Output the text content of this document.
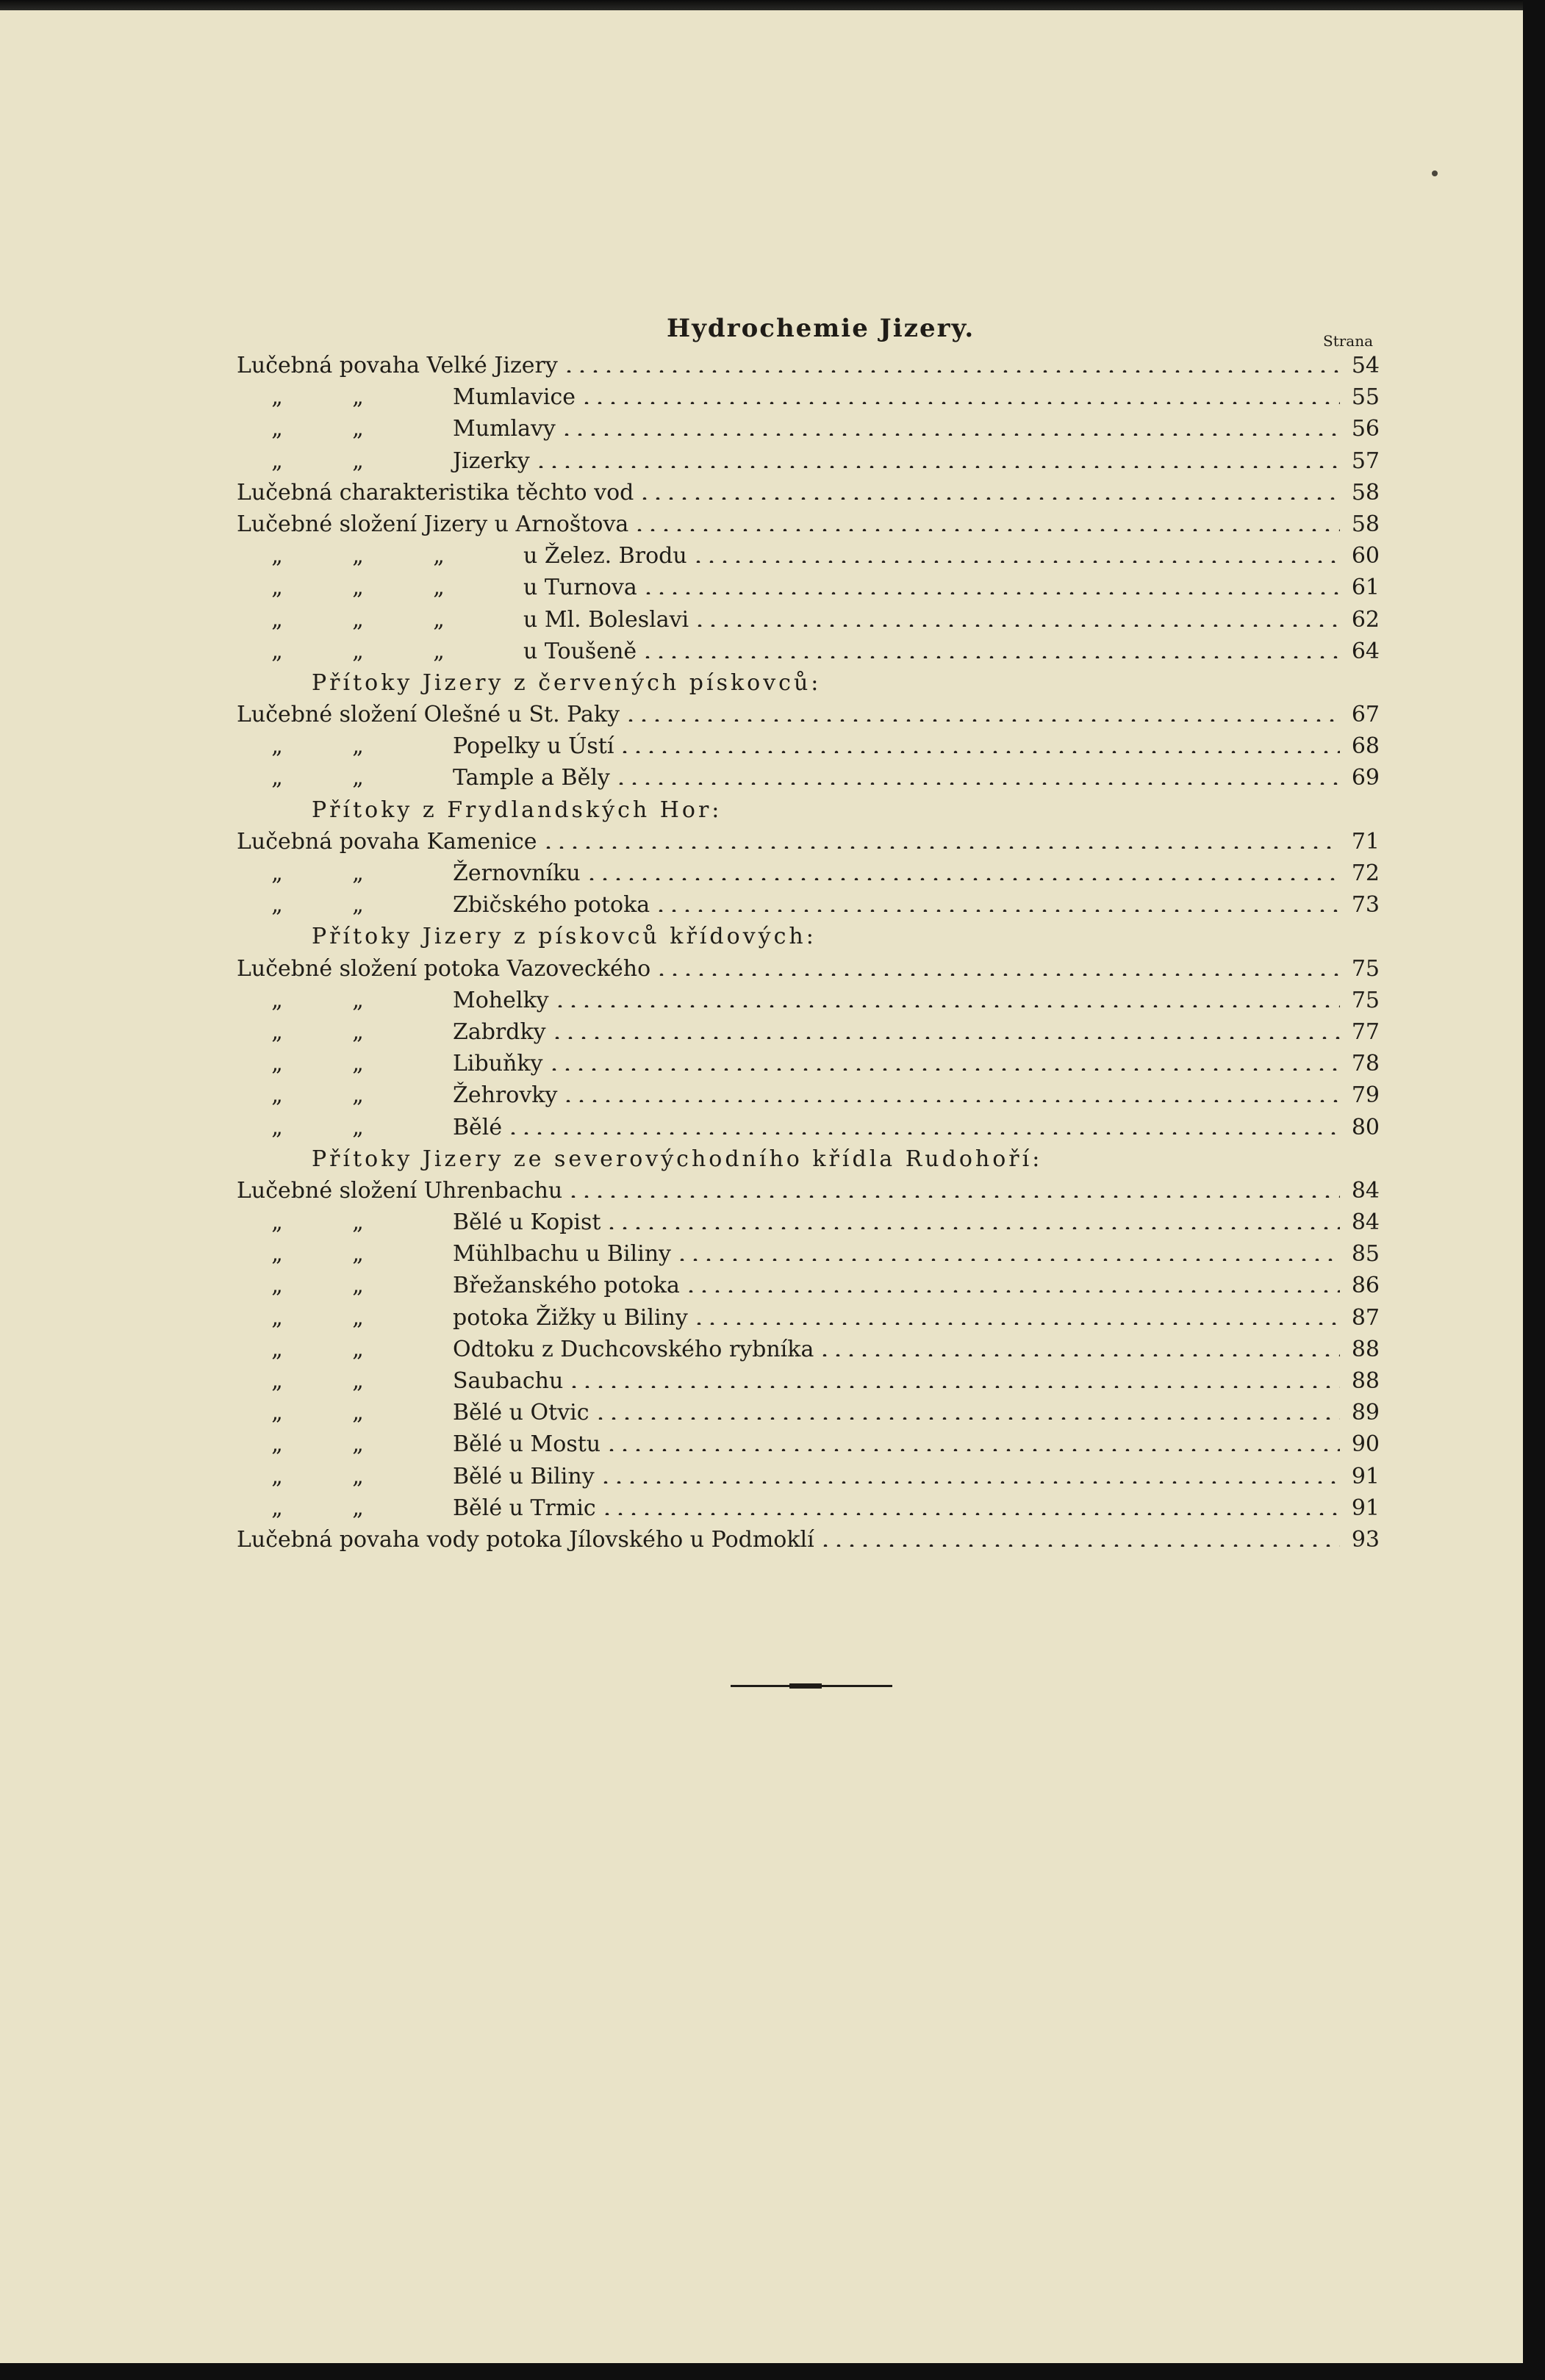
Hydrochemie Jizery.	Strana
Lučebná povaha Velké Jizery	54
„	„	Mumlavice	55
„	„	Mumlavy	56
„	„	Jizerky	57
Lučebná charakteristika těchto vod	58
Lučebné složení Jizery u Arnoštova	58
„	„	„	u Želez. Brodu	60
„	„	„	u Turnova	61
„	„	„	u Ml. Boleslavi	62
„	„	„	u Toušeně	64
Přítoky Jizery z červených pískovců:
Lučebné složení Olešné u St. Paky	67
„	„	Popelky u Ústí	68
„	„	Tample a Běly	69
Přítoky z Frydlandských Hor:
Lučebná povaha Kamenice	71
„	„	Žernovníku	72
„	„	Zbičského potoka	73
Přítoky Jizery z pískovců křídových:
Lučebné složení potoka Vazoveckého	75
„	„	Mohelky	75
„	„	Zabrdky	77
„	„	Libuňky	78
„	„	Žehrovky	79
„	„	Bělé	80
Přítoky Jizery ze severovýchodního křídla Rudohoří:
Lučebné složení Uhrenbachu	84
„	„	Bělé u Kopist	84
„	„	Mühlbachu u Biliny	85
„	„	Břežanského potoka	86
„	„	potoka Žižky u Biliny	87
„	„	Odtoku z Duchcovského rybníka	88
„	„	Saubachu	88
„	„	Bělé u Otvic	89
„	„	Bělé u Mostu	90
„	„	Bělé u Biliny	91
„	„	Bělé u Trmic	91
Lučebná povaha vody potoka Jílovského u Podmoklí	93
